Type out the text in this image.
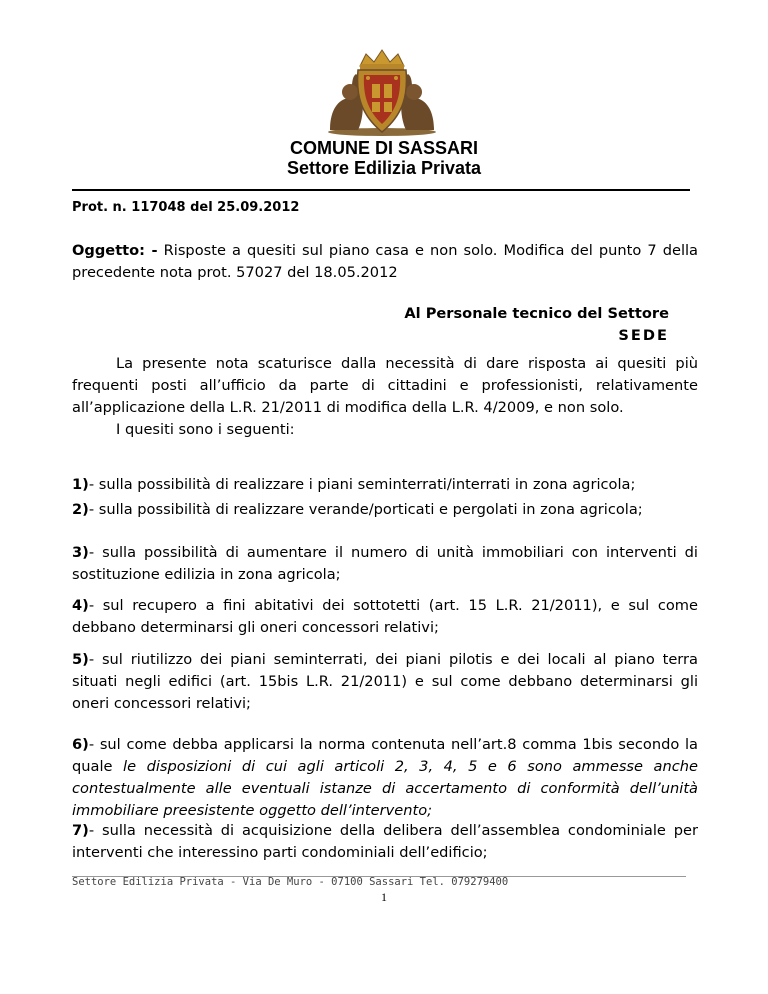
COMUNE DI SASSARI
Settore Edilizia Privata
Prot. n. 117048 del 25.09.2012
Oggetto: - Risposte a quesiti sul piano casa e non solo. Modifica del punto 7 della precedente nota prot. 57027 del 18.05.2012
Al Personale tecnico del Settore
SEDE
La presente nota scaturisce dalla necessità di dare risposta ai quesiti più frequenti posti all’ufficio da parte di cittadini e professionisti, relativamente all’applicazione della L.R. 21/2011 di modifica della L.R. 4/2009, e non solo.
I quesiti sono i seguenti:
1)- sulla possibilità di realizzare i piani seminterrati/interrati in zona agricola;
2)- sulla possibilità di realizzare verande/porticati e pergolati in zona agricola;
3)- sulla possibilità di aumentare il numero di unità immobiliari con interventi di sostituzione edilizia in zona agricola;
4)- sul recupero a fini abitativi dei sottotetti (art. 15 L.R. 21/2011), e sul come debbano determinarsi gli oneri concessori relativi;
5)- sul riutilizzo dei piani seminterrati, dei piani pilotis e dei locali al piano terra situati negli edifici (art. 15bis L.R. 21/2011) e sul come debbano determinarsi gli oneri concessori relativi;
6)- sul come debba applicarsi la norma contenuta nell’art.8 comma 1bis secondo la quale le disposizioni di cui agli articoli 2, 3, 4, 5 e 6 sono ammesse anche contestualmente alle eventuali istanze di accertamento di conformità dell’unità immobiliare preesistente oggetto dell’intervento;
7)- sulla necessità di acquisizione della delibera dell’assemblea condominiale per interventi che interessino parti condominiali dell’edificio;
Settore Edilizia Privata - Via De Muro - 07100 Sassari Tel. 079279400
1
